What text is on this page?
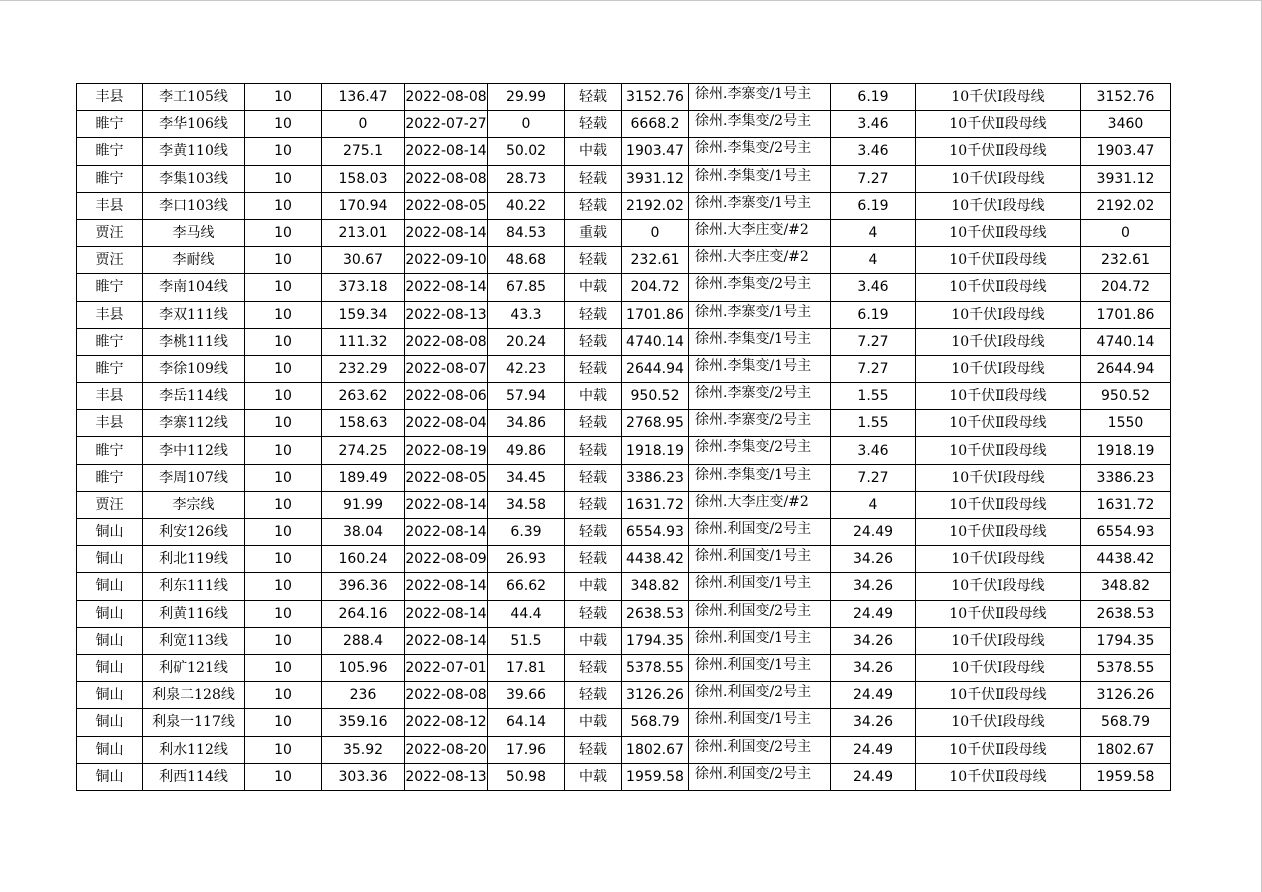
丰县	李工105线	10	136.47	2022-08-08	29.99	轻载	3152.76	徐州.李寨变/1号主	6.19	10千伏Ⅰ段母线	3152.76
睢宁	李华106线	10	0	2022-07-27	0	轻载	6668.2	徐州.李集变/2号主	3.46	10千伏Ⅱ段母线	3460
睢宁	李黄110线	10	275.1	2022-08-14	50.02	中载	1903.47	徐州.李集变/2号主	3.46	10千伏Ⅱ段母线	1903.47
睢宁	李集103线	10	158.03	2022-08-08	28.73	轻载	3931.12	徐州.李集变/1号主	7.27	10千伏Ⅰ段母线	3931.12
丰县	李口103线	10	170.94	2022-08-05	40.22	轻载	2192.02	徐州.李寨变/1号主	6.19	10千伏Ⅰ段母线	2192.02
贾汪	李马线	10	213.01	2022-08-14	84.53	重载	0	徐州.大李庄变/#2	4	10千伏Ⅱ段母线	0
贾汪	李耐线	10	30.67	2022-09-10	48.68	轻载	232.61	徐州.大李庄变/#2	4	10千伏Ⅱ段母线	232.61
睢宁	李南104线	10	373.18	2022-08-14	67.85	中载	204.72	徐州.李集变/2号主	3.46	10千伏Ⅱ段母线	204.72
丰县	李双111线	10	159.34	2022-08-13	43.3	轻载	1701.86	徐州.李寨变/1号主	6.19	10千伏Ⅰ段母线	1701.86
睢宁	李桃111线	10	111.32	2022-08-08	20.24	轻载	4740.14	徐州.李集变/1号主	7.27	10千伏Ⅰ段母线	4740.14
睢宁	李徐109线	10	232.29	2022-08-07	42.23	轻载	2644.94	徐州.李集变/1号主	7.27	10千伏Ⅰ段母线	2644.94
丰县	李岳114线	10	263.62	2022-08-06	57.94	中载	950.52	徐州.李寨变/2号主	1.55	10千伏Ⅱ段母线	950.52
丰县	李寨112线	10	158.63	2022-08-04	34.86	轻载	2768.95	徐州.李寨变/2号主	1.55	10千伏Ⅱ段母线	1550
睢宁	李中112线	10	274.25	2022-08-19	49.86	轻载	1918.19	徐州.李集变/2号主	3.46	10千伏Ⅱ段母线	1918.19
睢宁	李周107线	10	189.49	2022-08-05	34.45	轻载	3386.23	徐州.李集变/1号主	7.27	10千伏Ⅰ段母线	3386.23
贾汪	李宗线	10	91.99	2022-08-14	34.58	轻载	1631.72	徐州.大李庄变/#2	4	10千伏Ⅱ段母线	1631.72
铜山	利安126线	10	38.04	2022-08-14	6.39	轻载	6554.93	徐州.利国变/2号主	24.49	10千伏Ⅱ段母线	6554.93
铜山	利北119线	10	160.24	2022-08-09	26.93	轻载	4438.42	徐州.利国变/1号主	34.26	10千伏Ⅰ段母线	4438.42
铜山	利东111线	10	396.36	2022-08-14	66.62	中载	348.82	徐州.利国变/1号主	34.26	10千伏Ⅰ段母线	348.82
铜山	利黄116线	10	264.16	2022-08-14	44.4	轻载	2638.53	徐州.利国变/2号主	24.49	10千伏Ⅱ段母线	2638.53
铜山	利宽113线	10	288.4	2022-08-14	51.5	中载	1794.35	徐州.利国变/1号主	34.26	10千伏Ⅰ段母线	1794.35
铜山	利矿121线	10	105.96	2022-07-01	17.81	轻载	5378.55	徐州.利国变/1号主	34.26	10千伏Ⅰ段母线	5378.55
铜山	利泉二128线	10	236	2022-08-08	39.66	轻载	3126.26	徐州.利国变/2号主	24.49	10千伏Ⅱ段母线	3126.26
铜山	利泉一117线	10	359.16	2022-08-12	64.14	中载	568.79	徐州.利国变/1号主	34.26	10千伏Ⅰ段母线	568.79
铜山	利水112线	10	35.92	2022-08-20	17.96	轻载	1802.67	徐州.利国变/2号主	24.49	10千伏Ⅱ段母线	1802.67
铜山	利西114线	10	303.36	2022-08-13	50.98	中载	1959.58	徐州.利国变/2号主	24.49	10千伏Ⅱ段母线	1959.58
